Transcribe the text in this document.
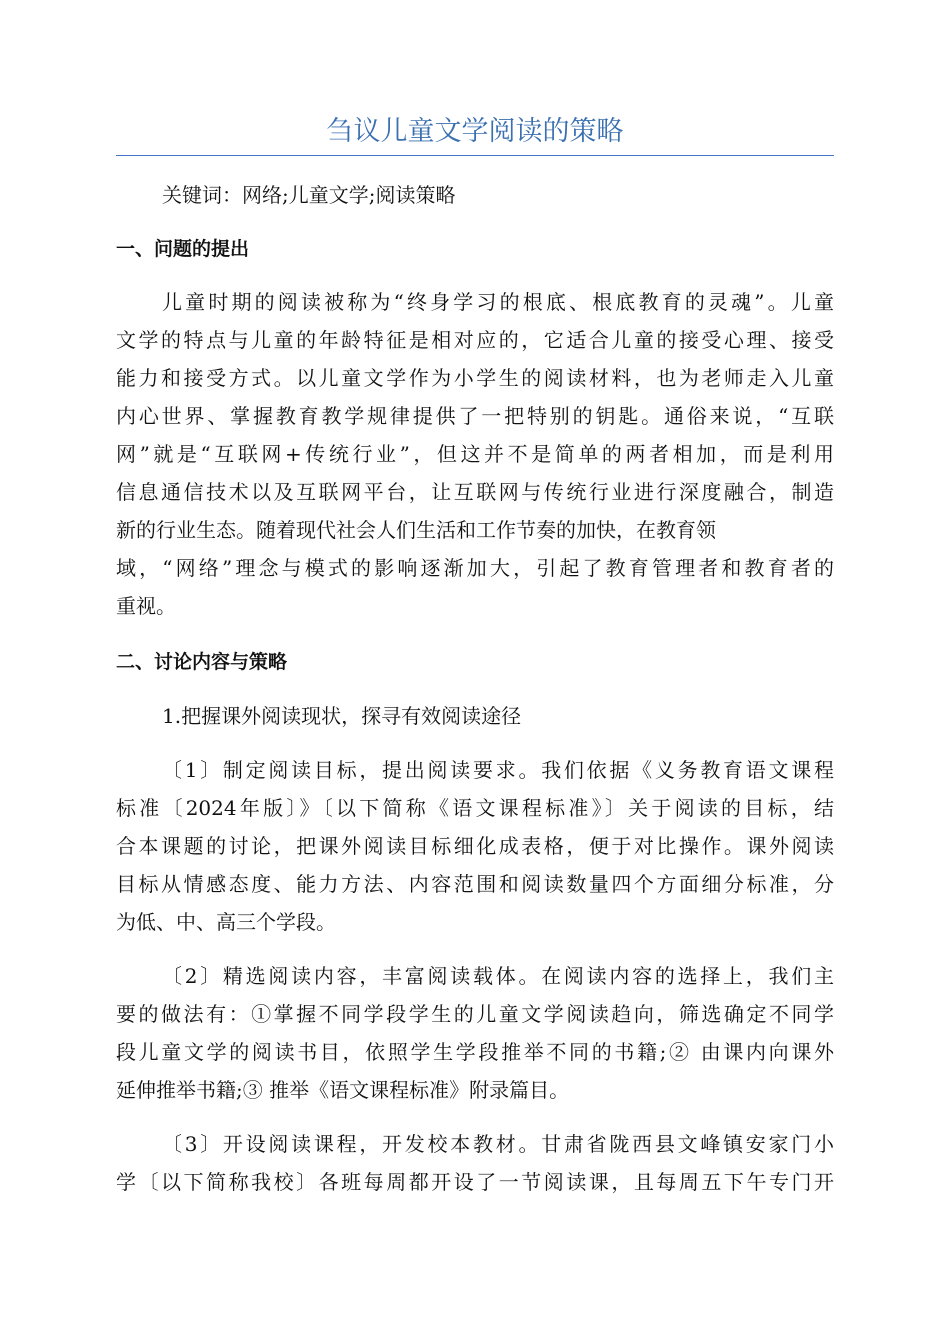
刍议儿童文学阅读的策略
关键词：网络;儿童文学;阅读策略
一、问题的提出
儿童时期的阅读被称为“终身学习的根底、根底教育的灵魂”。儿童
文学的特点与儿童的年龄特征是相对应的，它适合儿童的接受心理、接受
能力和接受方式。以儿童文学作为小学生的阅读材料，也为老师走入儿童
内心世界、掌握教育教学规律提供了一把特别的钥匙。通俗来说，“互联
网”就是“互联网+传统行业”，但这并不是简单的两者相加，而是利用
信息通信技术以及互联网平台，让互联网与传统行业进行深度融合，制造
新的行业生态。随着现代社会人们生活和工作节奏的加快，在教育领
域，“网络”理念与模式的影响逐渐加大，引起了教育管理者和教育者的
重视。
二、讨论内容与策略
1.把握课外阅读现状，探寻有效阅读途径
〔1〕制定阅读目标，提出阅读要求。我们依据《义务教育语文课程
标准〔2024年版〕》〔以下简称《语文课程标准》〕关于阅读的目标，结
合本课题的讨论，把课外阅读目标细化成表格，便于对比操作。课外阅读
目标从情感态度、能力方法、内容范围和阅读数量四个方面细分标准，分
为低、中、高三个学段。
〔2〕精选阅读内容，丰富阅读载体。在阅读内容的选择上，我们主
要的做法有：①掌握不同学段学生的儿童文学阅读趋向，筛选确定不同学
段儿童文学的阅读书目，依照学生学段推举不同的书籍;② 由课内向课外
延伸推举书籍;③ 推举《语文课程标准》附录篇目。
〔3〕开设阅读课程，开发校本教材。甘肃省陇西县文峰镇安家门小
学〔以下简称我校〕各班每周都开设了一节阅读课，且每周五下午专门开
